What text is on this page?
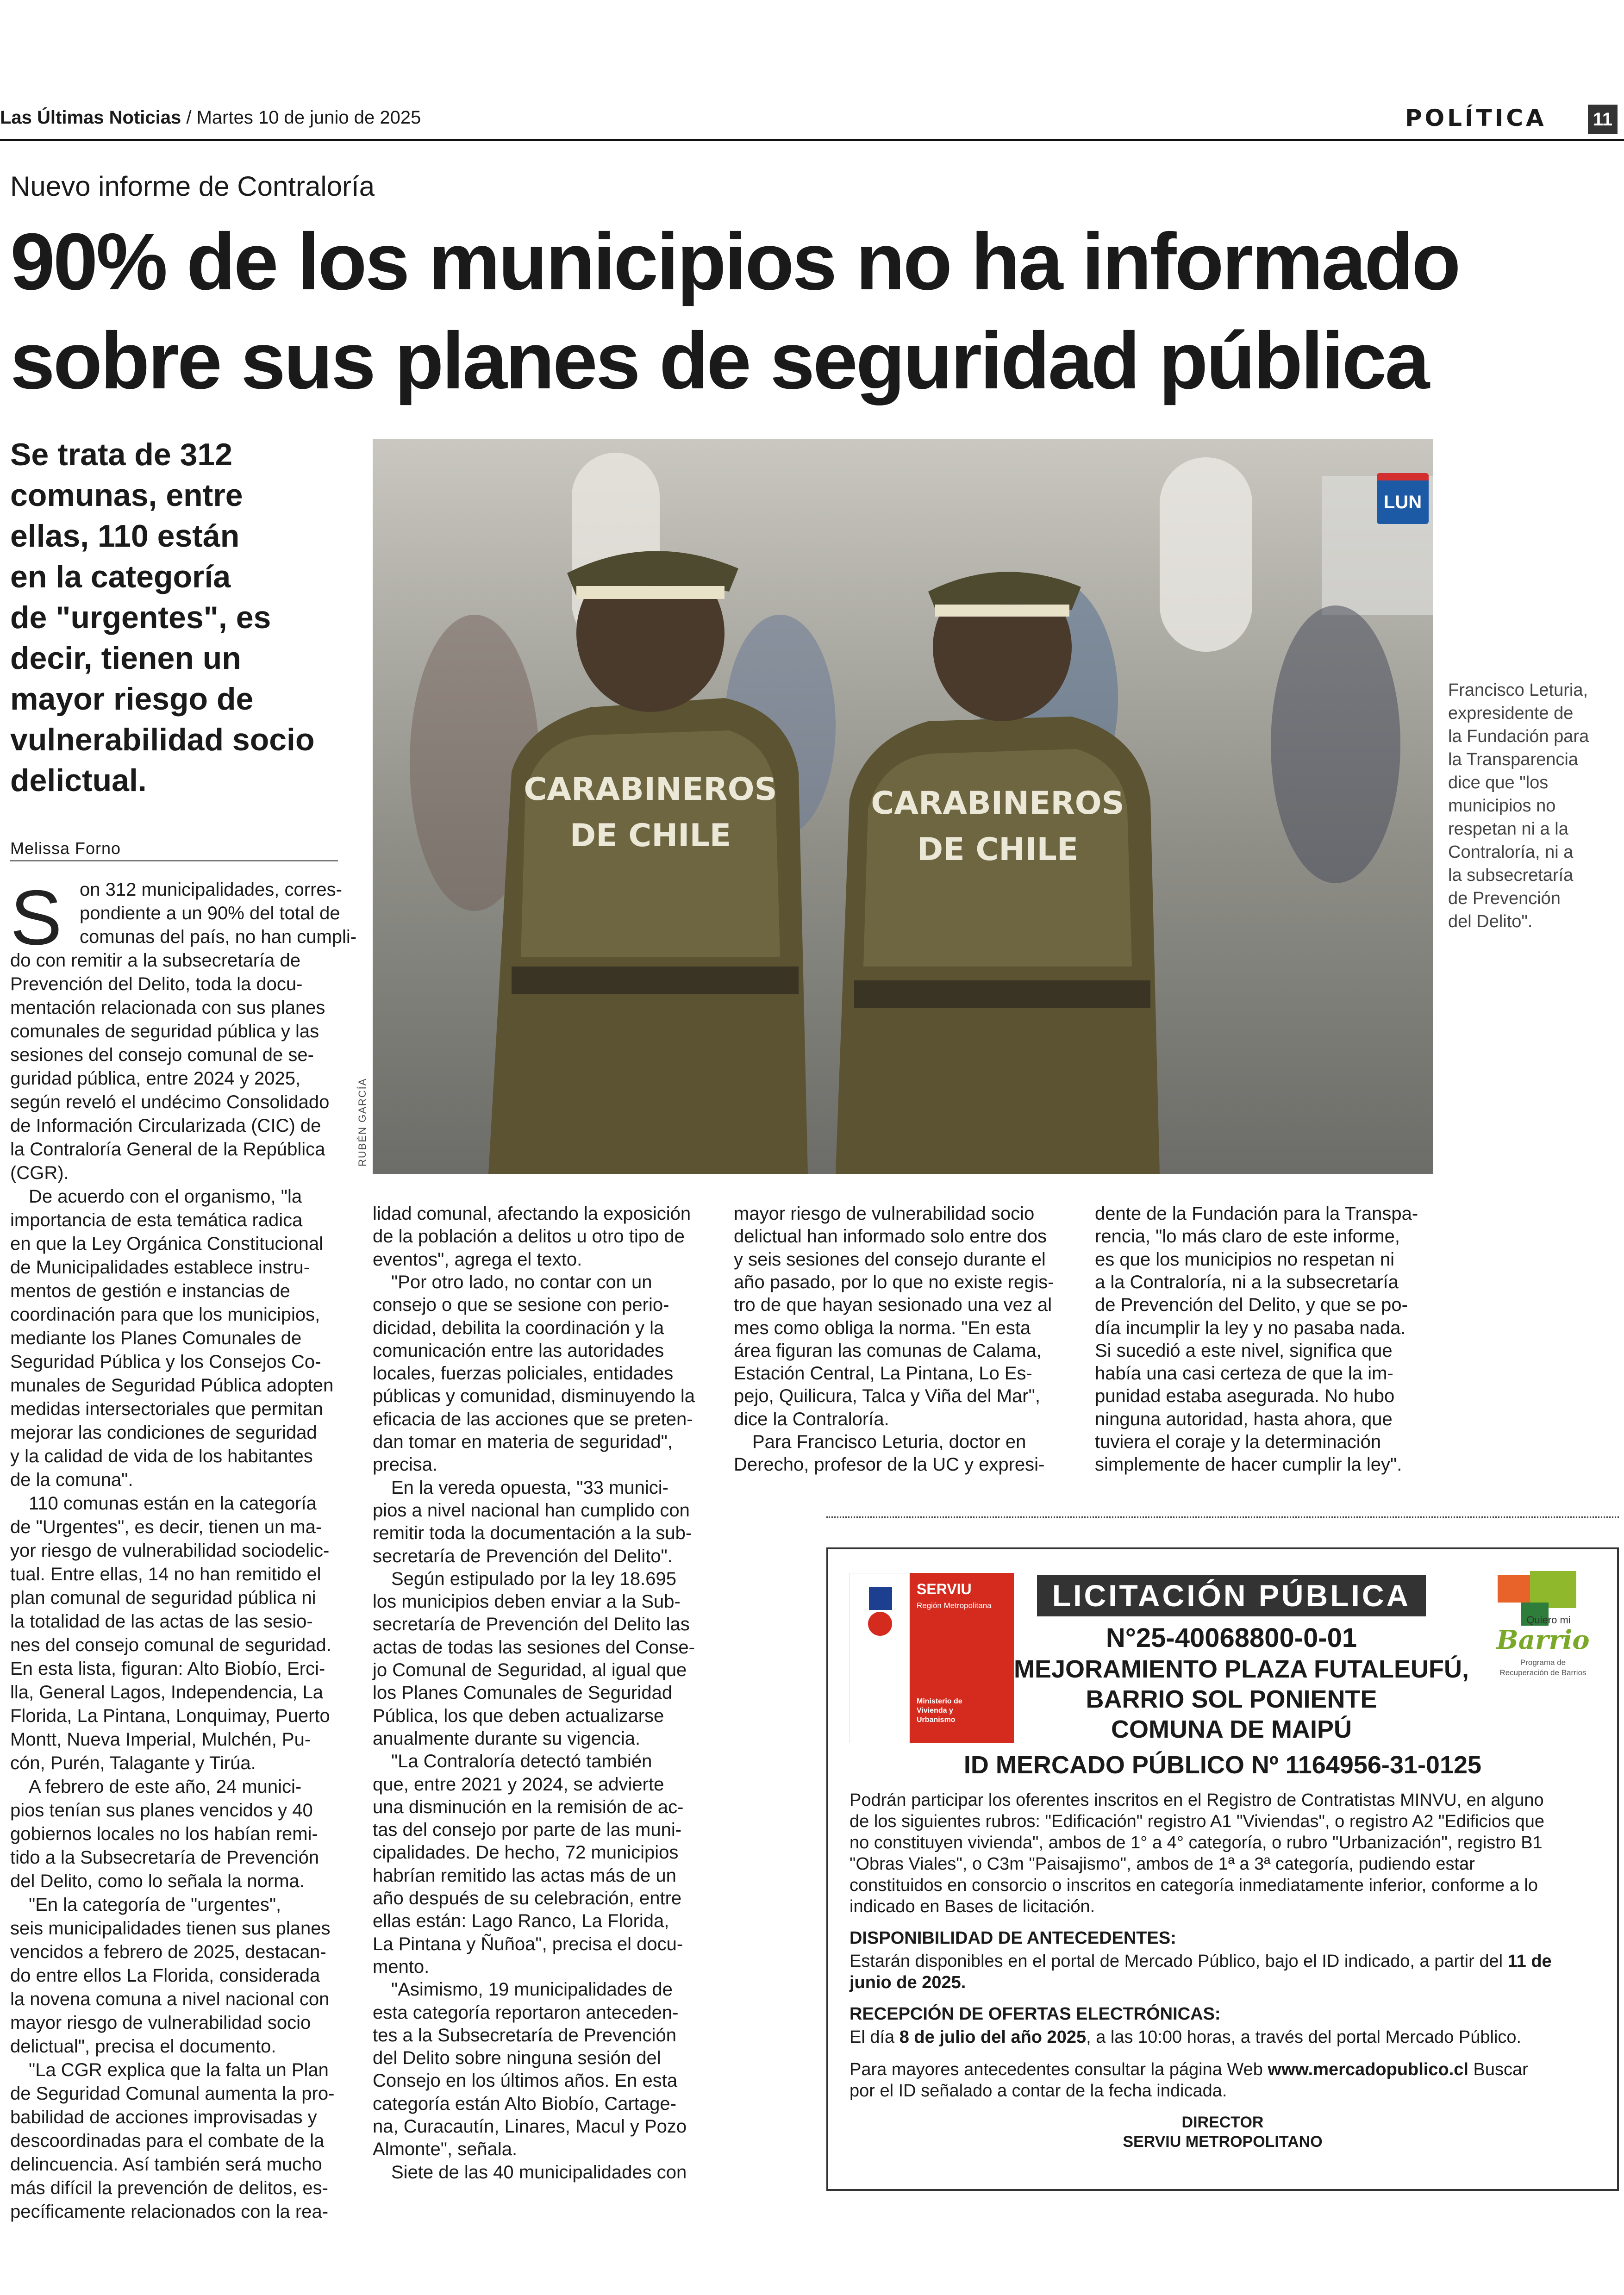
Las Últimas Noticias / Martes 10 de junio de 2025	POLÍTICA	11
Nuevo informe de Contraloría
90% de los municipios no ha informado
sobre sus planes de seguridad pública
Se trata de 312
comunas, entre
ellas, 110 están
en la categoría
de "urgentes", es
decir, tienen un
mayor riesgo de
vulnerabilidad socio
delictual.
Melissa Forno
CARABINEROS
DE CHILE
CARABINEROS
DE CHILE
LUN
RUBÉN GARCÍA
Francisco Leturia,
expresidente de
la Fundación para
la Transparencia
dice que "los
municipios no
respetan ni a la
Contraloría, ni a
la subsecretaría
de Prevención
del Delito".
S on 312 municipalidades, corres-
pondiente a un 90% del total de
comunas del país, no han cumpli-
do con remitir a la subsecretaría de
Prevención del Delito, toda la docu-
mentación relacionada con sus planes
comunales de seguridad pública y las
sesiones del consejo comunal de se-
guridad pública, entre 2024 y 2025,
según reveló el undécimo Consolidado
de Información Circularizada (CIC) de
la Contraloría General de la República
(CGR).
De acuerdo con el organismo, "la
importancia de esta temática radica
en que la Ley Orgánica Constitucional
de Municipalidades establece instru-
mentos de gestión e instancias de
coordinación para que los municipios,
mediante los Planes Comunales de
Seguridad Pública y los Consejos Co-
munales de Seguridad Pública adopten
medidas intersectoriales que permitan
mejorar las condiciones de seguridad
y la calidad de vida de los habitantes
de la comuna".
110 comunas están en la categoría
de "Urgentes", es decir, tienen un ma-
yor riesgo de vulnerabilidad sociodelic-
tual. Entre ellas, 14 no han remitido el
plan comunal de seguridad pública ni
la totalidad de las actas de las sesio-
nes del consejo comunal de seguridad.
En esta lista, figuran: Alto Biobío, Erci-
lla, General Lagos, Independencia, La
Florida, La Pintana, Lonquimay, Puerto
Montt, Nueva Imperial, Mulchén, Pu-
cón, Purén, Talagante y Tirúa.
A febrero de este año, 24 munici-
pios tenían sus planes vencidos y 40
gobiernos locales no los habían remi-
tido a la Subsecretaría de Prevención
del Delito, como lo señala la norma.
"En la categoría de "urgentes",
seis municipalidades tienen sus planes
vencidos a febrero de 2025, destacan-
do entre ellos La Florida, considerada
la novena comuna a nivel nacional con
mayor riesgo de vulnerabilidad socio
delictual", precisa el documento.
"La CGR explica que la falta un Plan
de Seguridad Comunal aumenta la pro-
babilidad de acciones improvisadas y
descoordinadas para el combate de la
delincuencia. Así también será mucho
más difícil la prevención de delitos, es-
pecíficamente relacionados con la rea-
lidad comunal, afectando la exposición
de la población a delitos u otro tipo de
eventos", agrega el texto.
"Por otro lado, no contar con un
consejo o que se sesione con perio-
dicidad, debilita la coordinación y la
comunicación entre las autoridades
locales, fuerzas policiales, entidades
públicas y comunidad, disminuyendo la
eficacia de las acciones que se preten-
dan tomar en materia de seguridad",
precisa.
En la vereda opuesta, "33 munici-
pios a nivel nacional han cumplido con
remitir toda la documentación a la sub-
secretaría de Prevención del Delito".
Según estipulado por la ley 18.695
los municipios deben enviar a la Sub-
secretaría de Prevención del Delito las
actas de todas las sesiones del Conse-
jo Comunal de Seguridad, al igual que
los Planes Comunales de Seguridad
Pública, los que deben actualizarse
anualmente durante su vigencia.
"La Contraloría detectó también
que, entre 2021 y 2024, se advierte
una disminución en la remisión de ac-
tas del consejo por parte de las muni-
cipalidades. De hecho, 72 municipios
habrían remitido las actas más de un
año después de su celebración, entre
ellas están: Lago Ranco, La Florida,
La Pintana y Ñuñoa", precisa el docu-
mento.
"Asimismo, 19 municipalidades de
esta categoría reportaron anteceden-
tes a la Subsecretaría de Prevención
del Delito sobre ninguna sesión del
Consejo en los últimos años. En esta
categoría están Alto Biobío, Cartage-
na, Curacautín, Linares, Macul y Pozo
Almonte", señala.
Siete de las 40 municipalidades con
mayor riesgo de vulnerabilidad socio
delictual han informado solo entre dos
y seis sesiones del consejo durante el
año pasado, por lo que no existe regis-
tro de que hayan sesionado una vez al
mes como obliga la norma. "En esta
área figuran las comunas de Calama,
Estación Central, La Pintana, Lo Es-
pejo, Quilicura, Talca y Viña del Mar",
dice la Contraloría.
Para Francisco Leturia, doctor en
Derecho, profesor de la UC y expresi-
dente de la Fundación para la Transpa-
rencia, "lo más claro de este informe,
es que los municipios no respetan ni
a la Contraloría, ni a la subsecretaría
de Prevención del Delito, y que se po-
día incumplir la ley y no pasaba nada.
Si sucedió a este nivel, significa que
había una casi certeza de que la im-
punidad estaba asegurada. No hubo
ninguna autoridad, hasta ahora, que
tuviera el coraje y la determinación
simplemente de hacer cumplir la ley".
SERVIU
Región Metropolitana
Ministerio de
Vivienda y
Urbanismo
Quiero mi
Barrio
Programa de
Recuperación de Barrios
LICITACIÓN PÚBLICA
N°25-40068800-0-01
MEJORAMIENTO PLAZA FUTALEUFÚ,
BARRIO SOL PONIENTE
COMUNA DE MAIPÚ
ID MERCADO PÚBLICO Nº 1164956-31-0125
Podrán participar los oferentes inscritos en el Registro de Contratistas MINVU, en alguno
de los siguientes rubros: "Edificación" registro A1 "Viviendas", o registro A2 "Edificios que
no constituyen vivienda", ambos de 1° a 4° categoría, o rubro "Urbanización", registro B1
"Obras Viales", o C3m "Paisajismo", ambos de 1ª a 3ª categoría, pudiendo estar
constituidos en consorcio o inscritos en categoría inmediatamente inferior, conforme a lo
indicado en Bases de licitación.
DISPONIBILIDAD DE ANTECEDENTES:
Estarán disponibles en el portal de Mercado Público, bajo el ID indicado, a partir del 11 de
junio de 2025.
RECEPCIÓN DE OFERTAS ELECTRÓNICAS:
El día 8 de julio del año 2025, a las 10:00 horas, a través del portal Mercado Público.
Para mayores antecedentes consultar la página Web www.mercadopublico.cl Buscar
por el ID señalado a contar de la fecha indicada.
DIRECTOR
SERVIU METROPOLITANO
